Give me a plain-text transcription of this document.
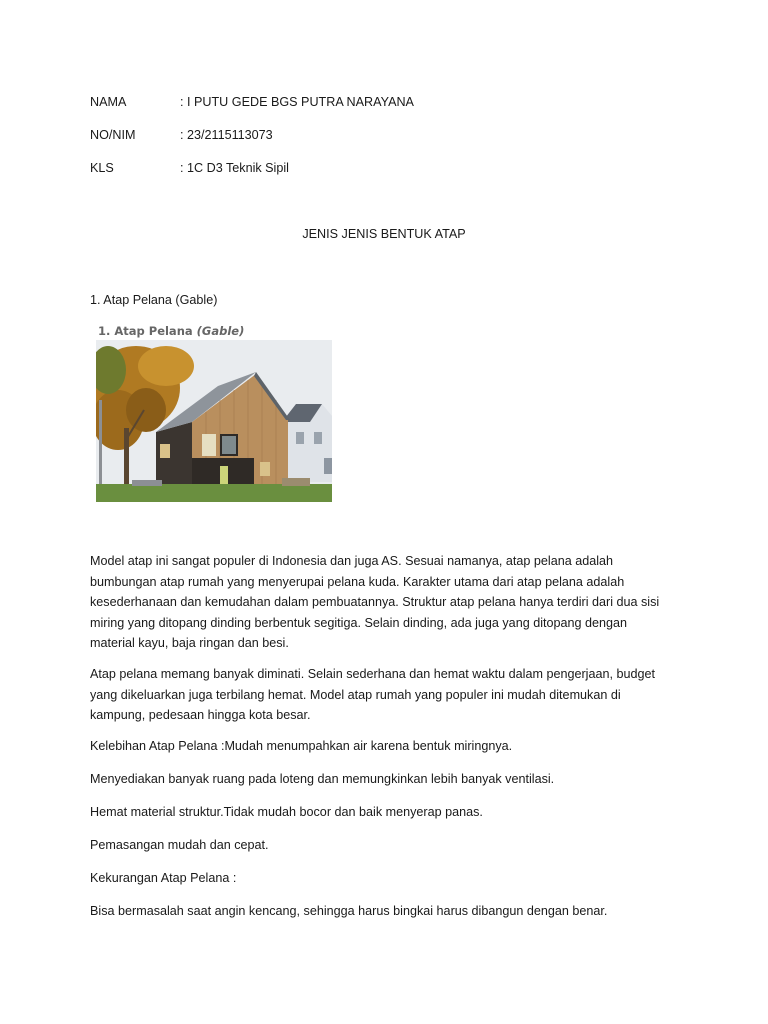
NAMA	: I PUTU GEDE BGS PUTRA NARAYANA
NO/NIM	: 23/2115113073
KLS	: 1C D3 Teknik Sipil
JENIS JENIS BENTUK ATAP
1. Atap Pelana (Gable)
1. Atap Pelana (Gable)
Model atap ini sangat populer di Indonesia dan juga AS. Sesuai namanya, atap pelana adalah
bumbungan atap rumah yang menyerupai pelana kuda. Karakter utama dari atap pelana adalah
kesederhanaan dan kemudahan dalam pembuatannya. Struktur atap pelana hanya terdiri dari dua sisi
miring yang ditopang dinding berbentuk segitiga. Selain dinding, ada juga yang ditopang dengan
material kayu, baja ringan dan besi.
Atap pelana memang banyak diminati. Selain sederhana dan hemat waktu dalam pengerjaan, budget
yang dikeluarkan juga terbilang hemat. Model atap rumah yang populer ini mudah ditemukan di
kampung, pedesaan hingga kota besar.
Kelebihan Atap Pelana :Mudah menumpahkan air karena bentuk miringnya.
Menyediakan banyak ruang pada loteng dan memungkinkan lebih banyak ventilasi.
Hemat material struktur.Tidak mudah bocor dan baik menyerap panas.
Pemasangan mudah dan cepat.
Kekurangan Atap Pelana :
Bisa bermasalah saat angin kencang, sehingga harus bingkai harus dibangun dengan benar.
